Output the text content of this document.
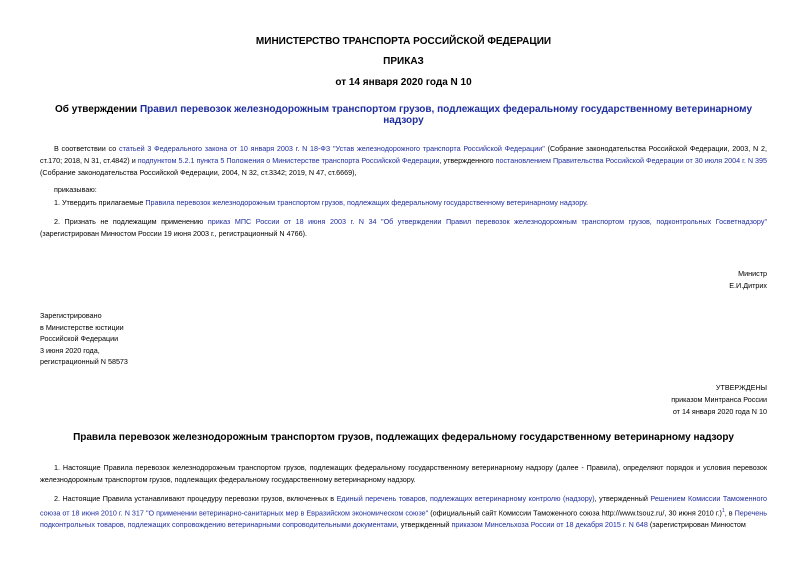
МИНИСТЕРСТВО ТРАНСПОРТА РОССИЙСКОЙ ФЕДЕРАЦИИ
ПРИКАЗ
от 14 января 2020 года N 10
Об утверждении Правил перевозок железнодорожным транспортом грузов, подлежащих федеральному государственному ветеринарному надзору
В соответствии со статьей 3 Федерального закона от 10 января 2003 г. N 18-ФЗ "Устав железнодорожного транспорта Российской Федерации" (Собрание законодательства Российской Федерации, 2003, N 2, ст.170; 2018, N 31, ст.4842) и подпунктом 5.2.1 пункта 5 Положения о Министерстве транспорта Российской Федерации, утвержденного постановлением Правительства Российской Федерации от 30 июля 2004 г. N 395 (Собрание законодательства Российской Федерации, 2004, N 32, ст.3342; 2019, N 47, ст.6669),
приказываю:
1. Утвердить прилагаемые Правила перевозок железнодорожным транспортом грузов, подлежащих федеральному государственному ветеринарному надзору.
2. Признать не подлежащим применению приказ МПС России от 18 июня 2003 г. N 34 "Об утверждении Правил перевозок железнодорожным транспортом грузов, подконтрольных Госветнадзору" (зарегистрирован Минюстом России 19 июня 2003 г., регистрационный N 4766).
Министр
Е.И.Дитрих
Зарегистрировано
в Министерстве юстиции
Российской Федерации
3 июня 2020 года,
регистрационный N 58573
УТВЕРЖДЕНЫ
приказом Минтранса России
от 14 января 2020 года N 10
Правила перевозок железнодорожным транспортом грузов, подлежащих федеральному государственному ветеринарному надзору
1. Настоящие Правила перевозок железнодорожным транспортом грузов, подлежащих федеральному государственному ветеринарному надзору (далее - Правила), определяют порядок и условия перевозок железнодорожным транспортом грузов, подлежащих федеральному государственному ветеринарному надзору.
2. Настоящие Правила устанавливают процедуру перевозки грузов, включенных в Единый перечень товаров, подлежащих ветеринарному контролю (надзору), утвержденный Решением Комиссии Таможенного союза от 18 июня 2010 г. N 317 "О применении ветеринарно-санитарных мер в Евразийском экономическом союзе" (официальный сайт Комиссии Таможенного союза http://www.tsouz.ru/, 30 июня 2010 г.)$^1$, в Перечень подконтрольных товаров, подлежащих сопровождению ветеринарными сопроводительными документами, утвержденный приказом Минсельхоза России от 18 декабря 2015 г. N 648 (зарегистрирован Минюстом
